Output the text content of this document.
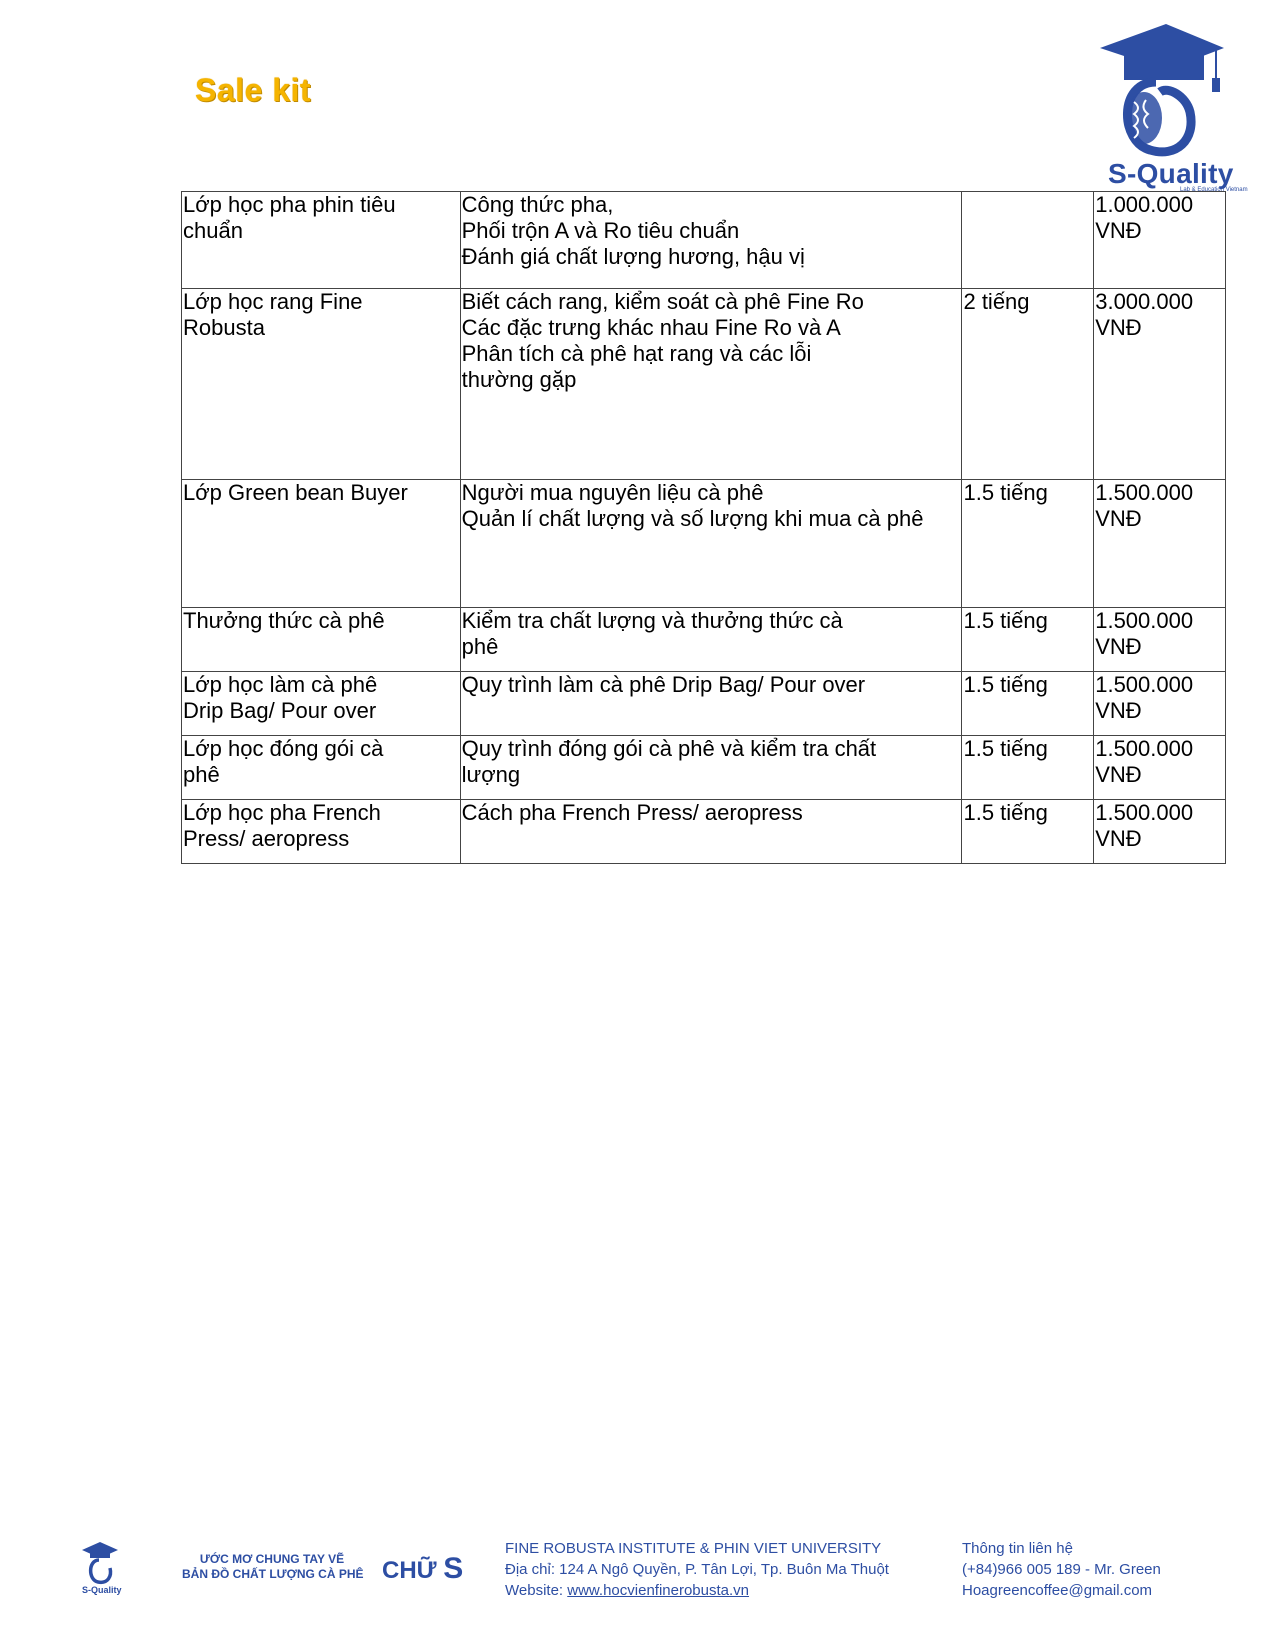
Sale kit
S-Quality
Lab & Education Vietnam
Lớp học pha phin tiêu
chuẩn	Công thức pha,
Phối trộn A và Ro tiêu chuẩn
Đánh giá chất lượng hương, hậu vị		1.000.000
VNĐ

Lớp học rang Fine
Robusta	Biết cách rang, kiểm soát cà phê Fine Ro
Các đặc trưng khác nhau Fine Ro và A
Phân tích cà phê hạt rang và các lỗi
thường gặp	2 tiếng	3.000.000
VNĐ

Lớp Green bean Buyer	Người mua nguyên liệu cà phê
Quản lí chất lượng và số lượng khi mua cà phê	1.5 tiếng	1.500.000
VNĐ

Thưởng thức cà phê	Kiểm tra chất lượng và thưởng thức cà
phê	1.5 tiếng	1.500.000
VNĐ

Lớp học làm cà phê
Drip Bag/ Pour over	Quy trình làm cà phê Drip Bag/ Pour over	1.5 tiếng	1.500.000
VNĐ

Lớp học đóng gói cà
phê	Quy trình đóng gói cà phê và kiểm tra chất
lượng	1.5 tiếng	1.500.000
VNĐ

Lớp học pha French
Press/ aeropress	Cách pha French Press/ aeropress	1.5 tiếng	1.500.000
VNĐ
S-Quality
ƯỚC MƠ CHUNG TAY VẼ
BẢN ĐỒ CHẤT LƯỢNG CÀ PHÊ CHỮ S
FINE ROBUSTA INSTITUTE & PHIN VIET UNIVERSITY
Địa chỉ: 124 A Ngô Quyền, P. Tân Lợi, Tp. Buôn Ma Thuột
Website: www.hocvienfinerobusta.vn
Thông tin liên hệ
(+84)966 005 189 - Mr. Green
Hoagreencoffee@gmail.com
